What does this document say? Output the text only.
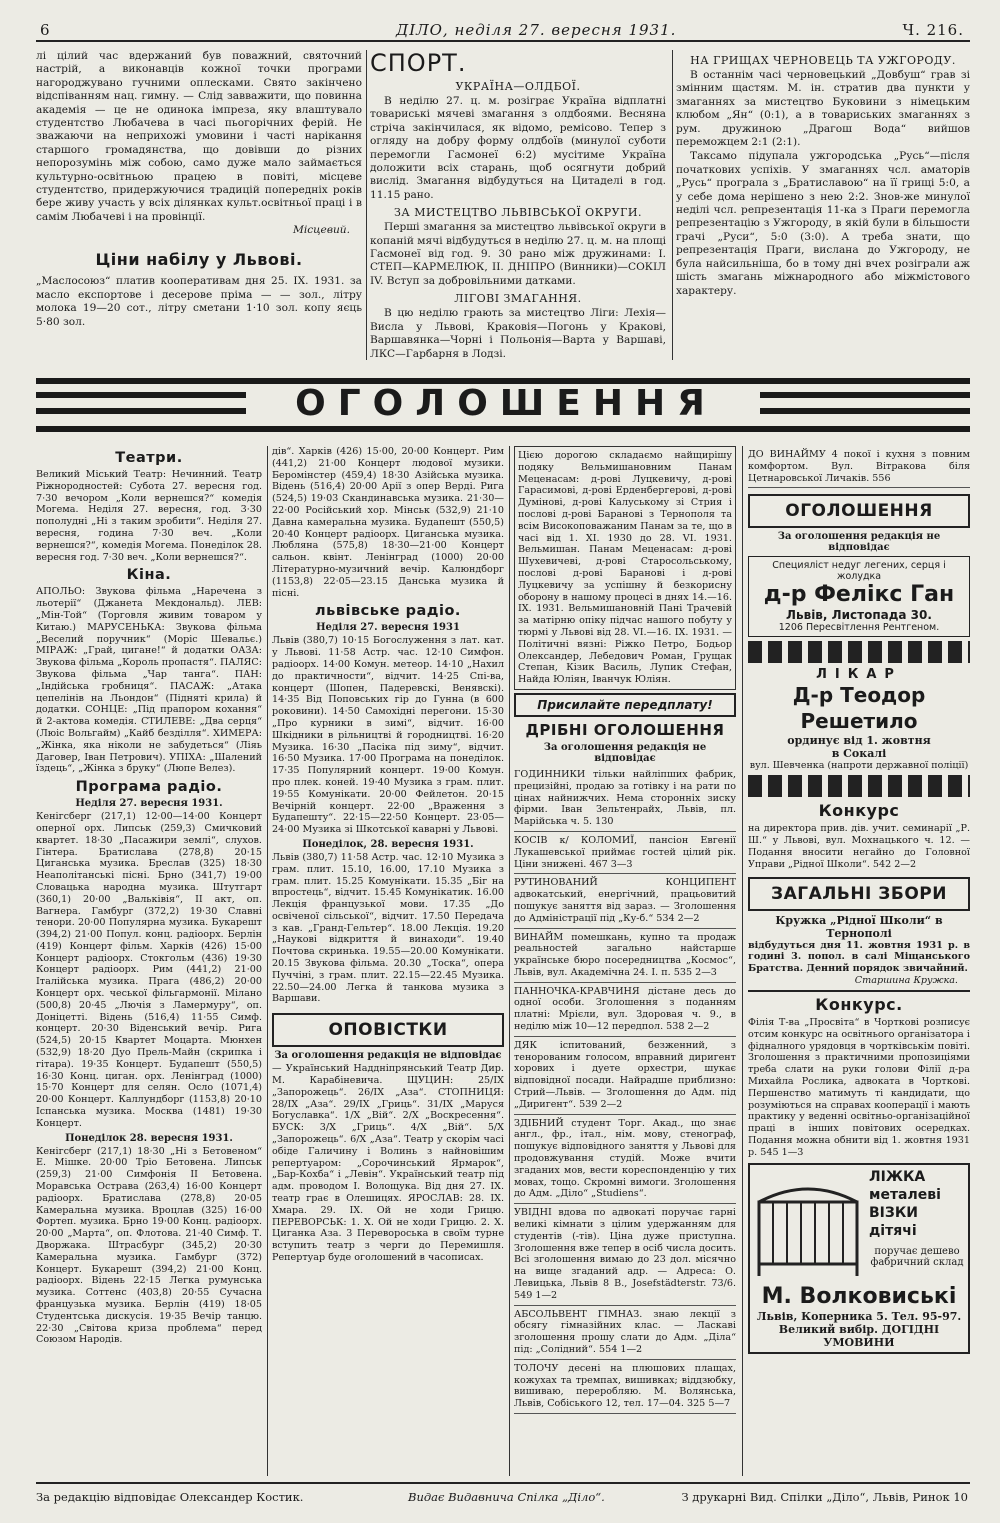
6	ДІЛО, неділя 27. вересня 1931.	Ч. 216.
лі цілий час вдержаний був поважний, святочний настрій, а виконавців кожної точки програми нагороджувано гучними оплесками. Свято закінчено відспіванням нац. гимну. — Слід завважити, що повинна академія — це не одинока імпреза, яку влаштувало студентство Любачева в часі пьогорічних ферій. Не зважаючи на неприхожі умовини і часті нарікання старшого громадянства, що довівши до різних непорозумінь між собою, само дуже мало займається культурно-освітньою працею в повіті, місцеве студентство, придержуючися традицій попередніх років бере живу участь у всіх ділянках культ.освітньої праці і в самім Любачеві і на провінції.
Місцевий.
Ціни набілу у Львові.
„Маслосоюз“ платив кооперативам дня 25. IX. 1931. за масло експортове і десерове пріма — — зол., літру молока 19—20 сот., літру сметани 1·10 зол. копу яєць 5·80 зол.
СПОРТ.
УКРАЇНА—ОЛДБОЇ.

В неділю 27. ц. м. розіграє Україна відплатні товариські мячеві змагання з олдбоями. Весняна стріча закінчилася, як відомо, ремісово. Тепер з огляду на добру форму олдбоїв (минулої суботи перемогли Гасмонеї 6:2) мусітиме Україна доложити всіх старань, щоб осягнути добрий вислід. Змагання відбудуться на Цитаделі в год. 11.15 рано.

ЗА МИСТЕЦТВО ЛЬВІВСЬКОЇ ОКРУГИ.

Перші змагання за мистецтво львівської округи в копаній мячі відбудуться в неділю 27. ц. м. на площі Гасмонеї від год. 9. 30 рано між дружинами: І. СТЕП—КАРМЕЛЮК, ІІ. ДНІПРО (Винники)—СОКІЛ IV. Вступ за добровільними датками.

ЛІГОВІ ЗМАГАННЯ.

В цю неділю грають за мистецтво Ліги: Лехія—Висла у Львові, Краковія—Погонь у Кракові, Варшавянка—Чорні і Польонія—Варта у Варшаві, ЛКС—Гарбарня в Лодзі.

НА ГРИЩАХ ЧЕРНОВЕЦЬ ТА УЖГОРОДУ.

В останнім часі черновецький „Довбуш“ грав зі змінним щастям. М. ін. стратив два пункти у змаганнях за мистецтво Буковини з німецьким клюбом „Ян“ (0:1), а в товариських змаганнях з рум. дружиною „Драгош Вода“ вийшов переможцем 2:1 (2:1).

Таксамо підупала ужгородська „Русь“—після початкових успіхів. У змаганнях чсл. аматорів „Русь“ програла з „Братиславою“ на її грищі 5:0, а у себе дома нерішено з нею 2:2. Знов-же минулої неділі чсл. репрезентація 11-ка з Праги перемогла репрезентацію з Ужгороду, в якій були в більшости грачі „Руси“, 5:0 (3:0). А треба знати, що репрезентація Праги, вислана до Ужгороду, не була найсильніша, бо в тому дні вчех розіграли аж шість змагань міжнародного або міжмістового характеру.

ОГОЛОШЕННЯ
Театри.
Великий Міський Театр: Нечинний. Театр Ріжнородностей: Субота 27. вересня год. 7·30 вечором „Коли вернешся?“ комедія Могема. Неділя 27. вересня, год. 3·30 пополудні „Ні з таким зробити“. Неділя 27. вересня, година 7·30 веч. „Коли вернешся?“, комедія Могема. Понеділок 28. вересня год. 7·30 веч. „Коли вернешся?“.
Кіна.
АПОЛЬО: Звукова фільма „Наречена з льотерії“ (Джанета Мекдональд). ЛЕВ: „Мін-Той“ (Торговля живим товаром у Китаю.) МАРУСЕНЬКА: Звукова фільма „Веселий поручник“ (Моріс Шевальє.) МІРАЖ: „Грай, цигане!“ й додатки ОАЗА: Звукова фільма „Король пропастя“. ПАЛЯС: Звукова фільма „Чар танга“. ПАН: „Індійська гробниця“. ПАСАЖ: „Атака цепелінів на Льондон“ (Підняті крила) й додатки. СОНЦЕ: „Під прапором кохання“ й 2-актова комедія. СТИЛЕВЕ: „Два серця“ (Люіс Вольгайм) „Кайб безділля“. ХИМЕРА: „Жінка, яка ніколи не забудеться“ (Ліяь Даговер, Іван Петрович). УПІХА: „Шалений їздець“, „Жінка з бруку“ (Люпе Велез).
Програма радіо.
Неділя 27. вересня 1931.
Кенігсберг (217,1) 12·00—14·00 Концерт оперної орх. Липськ (259,3) Смичковий квартет. 18·30 „Пасажири землі“, слухов. Гінтера. Братислава (278,8) 20·15 Циганська музика. Бреслав (325) 18·30 Неаполітанські пісні. Брно (341,7) 19·00 Словацька народна музика. Штутгарт (360,1) 20·00 „Вальківія“, ІІ акт, оп. Вагнера. Гамбург (372,2) 19·30 Славні тенори. 20·00 Популярна музика. Букарешт (394,2) 21·00 Попул. конц. радіоорх. Берлін (419) Концерт фільм. Харків (426) 15·00 Концерт радіоорх. Стокгольм (436) 19·30 Концерт радіоорх. Рим (441,2) 21·00 Італійська музика. Прага (486,2) 20·00 Концерт орх. чеської фільгармонії. Мілано (500,8) 20·45 „Лючія з Ламермуру“, оп. Доніцетті. Відень (516,4) 11·55 Симф. концерт. 20·30 Віденський вечір. Рига (524,5) 20·15 Квартет Моцарта. Мюнхен (532,9) 18·20 Дуо Прель-Майн (скрипка і гітара). 19·35 Концерт. Будапешт (550,5) 16·30 Конц. циган. орх. Ленінград (1000) 15·70 Концерт для селян. Осло (1071,4) 20·00 Концерт. Каллундборг (1153,8) 20·10 Іспанська музика. Москва (1481) 19·30 Концерт.
Понеділок 28. вересня 1931.
Кенігсберг (217,1) 18·30 „Ні з Бетовеном“ Е. Мішке. 20·00 Тріо Бетовена. Липськ (259,3) 21·00 Симфонія ІІ Бетовена. Моравська Острава (263,4) 16·00 Концерт радіоорх. Братислава (278,8) 20·05 Камеральна музика. Вроцлав (325) 16·00 Фортеп. музика. Брно 19·00 Конц. радіоорх. 20·00 „Марта“, оп. Флотова. 21·40 Симф. Т. Дворжака. Штрасбург (345,2) 20·30 Камеральна музика. Гамбург (372) Концерт. Букарешт (394,2) 21·00 Конц. радіоорх. Відень 22·15 Легка румунська музика. Соттенс (403,8) 20·55 Сучасна французька музика. Берлін (419) 18·05 Студентська дискусія. 19·35 Вечір танцю. 22·30 „Світова криза проблема“ перед Союзом Народів.
дів“. Харків (426) 15·00, 20·00 Концерт. Рим (441,2) 21·00 Концерт людової музики. Беромінстер (459,4) 18·30 Азійська музика. Відень (516,4) 20·00 Арії з опер Верді. Рига (524,5) 19·03 Скандинавська музика. 21·30—22·00 Російський хор. Мінськ (532,9) 21·10 Давна камеральна музика. Будапешт (550,5) 20·40 Концерт радіоорх. Циганська музика. Любляна (575,8) 18·30—21·00 Концерт сальон. квінт. Ленінград (1000) 20·00 Літературно-музичний вечір. Калюндборг (1153,8) 22·05—23.15 Данська музика й пісні.
львівське радіо.
Неділя 27. вересня 1931
Львів (380,7) 10·15 Богослуження з лат. кат. у Львові. 11·58 Астр. час. 12·10 Симфон. радіоорх. 14·00 Комун. метеор. 14·10 „Нахил до практичности“, відчит. 14·25 Спі-ва, концерт (Шопен, Падеревскі, Венявскі). 14·35 Від Поповських гір до Гунна (в 600 роковини). 14·50 Самохідні перегони. 15·30 „Про курники в зимі“, відчит. 16·00 Шкідники в рільництві й городництві. 16·20 Музика. 16·30 „Пасіка під зиму“, відчит. 16·50 Музика. 17·00 Програма на понеділок. 17·35 Популярний концерт. 19·00 Комун. про плек. коней. 19·40 Музика з грам. плит. 19·55 Комунікати. 20·00 Фейлетон. 20·15 Вечірній концерт. 22·00 „Враження з Будапешту“. 22·15—22·50 Концерт. 23·05—24·00 Музика зі Шкотської каварні у Львові.
Понеділок, 28. вересня 1931.
Львів (380,7) 11·58 Астр. час. 12·10 Музика з грам. плит. 15.10, 16.00, 17.10 Музика з грам. плит. 15.25 Комунікати. 15.35 „Біг на впростець“, відчит. 15.45 Комунікатик. 16.00 Лекція французької мови. 17.35 „До освіченої сільської“, відчит. 17.50 Передача з кав. „Гранд-Гельтер“. 18.00 Лекція. 19.20 „Наукові відкриття й винаходи“. 19.40 Почтова скринька. 19.55—20.00 Комунікати. 20.15 Звукова фільма. 20.30 „Тоска“, опера Пуччіні, з грам. плит. 22.15—22.45 Музика. 22.50—24.00 Легка й танкова музика з Варшави.
ОПОВІСТКИ
За оголошення редакція не відповідає
— Український Наддніпрянський Театр Дир. М. Карабіневича. ЩУЦИН: 25/IX „Запорожець“. 26/IX „Аза“. СТОПНИЦЯ: 28/IX „Аза“. 29/IX „Гриць“. 31/IX „Маруся Богуславка“. 1/X „Вій“. 2/X „Воскресення“. БУСК: 3/X „Гриць“. 4/X „Вій“. 5/X „Запорожець“. 6/X „Аза“. Театр у скорім часі обіде Галичину і Волинь з найновішим репертуаром: „Сорочинський Ярмарок“, „Бар-Кохба“ і „Левін“. Український театр під адм. проводом І. Волощука. Від дня 27. IX. театр грає в Олешицях. ЯРОСЛАВ: 28. IX. Хмара. 29. IX. Ой не ходи Грицю. ПЕРЕВОРСЬК: 1. X. Ой не ходи Грицю. 2. X. Циганка Аза. 3 Перевороська в своїм турне вступить театр з черги до Перемишля. Репертуар буде оголошений в часописах.
Цією дорогою складаємо найщирішу подяку Вельмишановним Панам Меценасам: д-рові Луцкевичу, д-рові Гарасимові, д-рові Ерденбергерові, д-рові Думінові, д-рові Калуському зі Стрия і послові д-рові Барановi з Тернополя та всім Високоповажаним Панам за те, що в часі від 1. XI. 1930 до 28. VI. 1931. Вельмишан. Панам Меценасам: д-рові Шухевичеві, д-рові Старосольському, послові д-рові Барановi і д-рові Луцкевичу за успішну й безкорисну оборону в нашому процесі в днях 14.—16. IX. 1931. Вельмишановній Пані Трачевій за матірню опіку підчас нашого побуту у тюрмі у Львові від 28. VI.—16. IX. 1931. — Політичні вязні: Ріжко Петро, Бодьор Олександер, Лебедович Роман, Грущак Степан, Кізик Василь, Лупик Стефан, Найда Юліян, Іванчук Юліян.
Присилайте передплату!
ДРІБНІ ОГОЛОШЕННЯ
За оголошення редакція не відповідає
ГОДИННИКИ тільки найліпших фабрик, прецизійні, продаю за готівку і на рати по цінах найнижчих. Нема сторонніх зиску фірми. Іван Зельтенрайх, Львів, пл. Марійська ч. 5. 130
КОСІВ к/ КОЛОМИЇ, пансіон Евгенії Лукашевської приймає гостей цілий рік. Ціни знижені. 467 3—3
РУТИНОВАНИЙ КОНЦИПЕНТ адвокатський, енергічний, працьовитий пошукує заняття від зараз. — Зголошення до Адміністрації під „Ку-б.“ 534 2—2
ВИНАЙМ помешкань, купно та продаж реальностей загально найстарше українське бюро посередництва „Космос“, Львів, вул. Академічна 24. І. п. 535 2—3
ПАННОЧКА-КРАВЧИНЯ дістане десь до одної особи. Зголошення з поданням платні: Мрієли, вул. Здоровая ч. 9., в неділю між 10—12 передпол. 538 2—2
ДЯК іспитований, безженний, з тенорованим голосом, вправний диригент хорових і дуете орхестри, шукає відповідної посади. Найрадше приблизно: Стрий—Львів. — Зголошення до Адм. під „Диригент“. 539 2—2
ЗДІБНИЙ студент Торг. Акад., що знає англ., фр., італ., нім. мову, стенограф, пошукує відповідного заняття у Львові для продовжування студій. Може вчити згаданих мов, вести кореспонденцію у тих мовах, тощо. Скромні вимоги. Зголошення до Адм. „Діло“ „Studiens“.
УВІДНІ вдова по адвокаті поручає гарні великі кімнати з цілим удержанням для студентів (-тів). Ціна дуже приступна. Зголошення вже тепер в осіб числа досить. Всі зголошення вимаю до 23 дол. місячно на вище згаданий адр. — Адреса: О. Левицька, Львів 8 В., Josefstädterstr. 73/6. 549 1—2
АБСОЛЬВЕНТ ГІМНАЗ. знаю лекції з обсягу гімназійних клас. — Ласкаві зголошення прошу слати до Адм. „Діла“ під: „Солідний“. 554 1—2
ТОЛОЧУ десені на плюшових плащах, кожухах та тремпах, вишивках; віддзюбку, вишиваю, переробляю. М. Волянська, Львів, Собіського 12, тел. 17—04. 325 5—7
ДО ВИНАЙМУ 4 покої і кухня з повним комфортом. Вул. Вітракова біля Цетнаровської Личаків. 556
ОГОЛОШЕННЯ
За оголошення редакція не відповідає
Специяліст недуг легених, серця і жолудка
д-р Фелікс Ган
Львів, Листопада 30.
1206 Пересвітлення Рентгеном.
ЛІКАР
Д-р Теодор Решетило
ординує від 1. жовтня
в Сокалі
вул. Шевченка (напроти державної поліції)
Конкурс
на директора прив. дів. учит. семинарії „Р. Ш.“ у Львові, вул. Мохнацького ч. 12. — Подання вносити негайно до Головної Управи „Рідної Школи“. 542 2—2
ЗАГАЛЬНІ ЗБОРИ
Кружка „Рідної Школи“ в Тернополі
відбудуться дня 11. жовтня 1931 р. в годині 3. попол. в салі Міщанського Братства. Денний порядок звичайний.
Старшина Кружка.
Конкурс.
Філія Т-ва „Просвіта“ в Чорткові розписує отсим конкурс на освітнього організатора і фідналного урядовця в чортківськім повіті. Зголошення з практичними пропозиціями треба слати на руки голови Філії д-ра Михайла Рослика, адвоката в Чорткові. Першенство матимуть ті кандидати, що розуміються на справах кооперації і мають практику у веденні освітньо-організаційної праці в інших повітових осередках. Подання можна обнити від 1. жовтня 1931 р. 545 1—3
ЛІЖКА металеві
ВІЗКИ дітячі
поручає дешево
фабричний склад
М. Волковиські
Львів, Коперника 5. Тел. 95-97.
Великий вибір. ДОГІДНІ УМОВИНИ
За редакцію відповідає Олександер Костик.	Видає Видавнича Спілка „Діло“.	З друкарні Вид. Спілки „Діло“, Львів, Ринок 10
